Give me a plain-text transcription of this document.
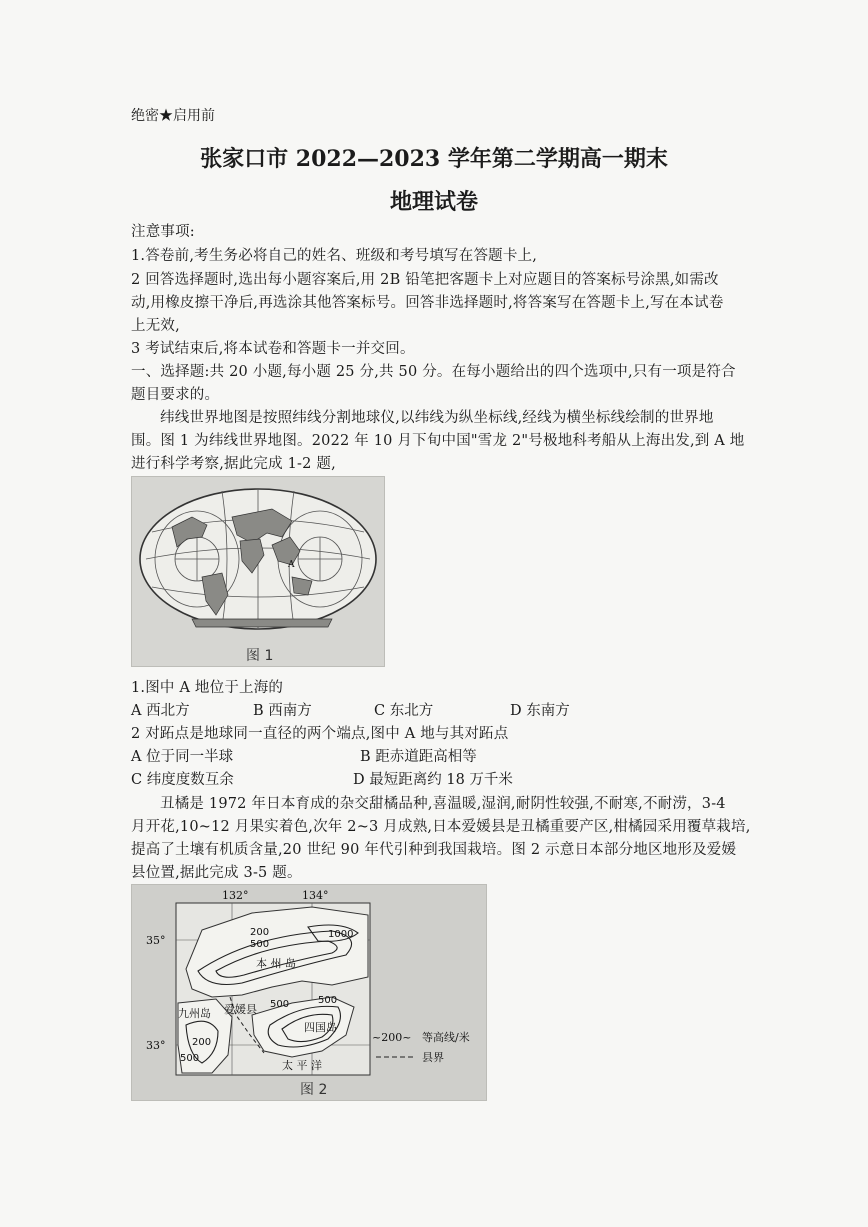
绝密★启用前
张家口市 2022—2023 学年第二学期高一期末
地理试卷
注意事项:
1.答卷前,考生务必将自己的姓名、班级和考号填写在答题卡上,
2 回答选择题时,选出每小题容案后,用 2B 铅笔把客题卡上对应题目的答案标号涂黑,如需改
动,用橡皮擦干净后,再选涂其他答案标号。回答非选择题时,将答案写在答题卡上,写在本试卷
上无效,
3 考试结束后,将本试卷和答题卡一并交回。
一、选择题:共 20 小题,每小题 25 分,共 50 分。在每小题给出的四个选项中,只有一项是符合
题目要求的。
纬线世界地图是按照纬线分割地球仪,以纬线为纵坐标线,经线为横坐标线绘制的世界地
围。图 1 为纬线世界地图。2022 年 10 月下旬中国"雪龙 2"号极地科考船从上海出发,到 A 地
进行科学考察,据此完成 1-2 题,
A
图 1
1.图中 A 地位于上海的
A 西北方	B 西南方	C 东北方	D 东南方
2 对跖点是地球同一直径的两个端点,图中 A 地与其对跖点
A 位于同一半球	B 距赤道距高相等
C 纬度度数互余	D 最短距离约 18 万千米
丑橘是 1972 年日本育成的杂交甜橘品种,喜温暖,湿润,耐阴性较强,不耐寒,不耐涝，3-4
月开花,10~12 月果实着色,次年 2~3 月成熟,日本爱媛县是丑橘重要产区,柑橘园采用覆草栽培,
提高了土壤有机质含量,20 世纪 90 年代引种到我国栽培。图 2 示意日本部分地区地形及爱媛
县位置,据此完成 3-5 题。
132°	134°
35°
33°
200
500
1000
500
200
500
500
本 州 岛
九州岛 爱媛县
四国岛
太 平 洋
~200~ 等高线/米
县界
图 2
